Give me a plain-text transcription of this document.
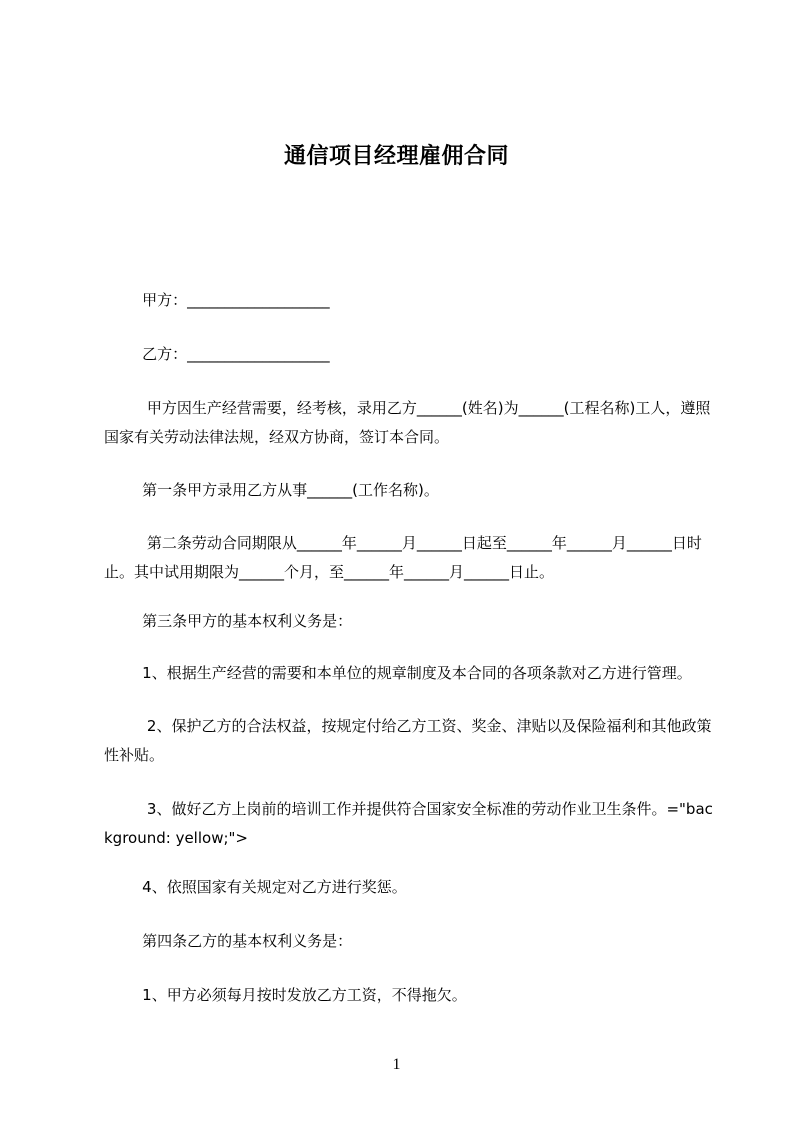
通信项目经理雇佣合同
甲方：___________________
乙方：___________________
甲方因生产经营需要，经考核，录用乙方______(姓名)为______(工程名称)工人，遵照国家有关劳动法律法规，经双方协商，签订本合同。
第一条甲方录用乙方从事______(工作名称)。
第二条劳动合同期限从______年______月______日起至______年______月______日时止。其中试用期限为______个月，至______年______月______日止。
第三条甲方的基本权利义务是：
1、根据生产经营的需要和本单位的规章制度及本合同的各项条款对乙方进行管理。
2、保护乙方的合法权益，按规定付给乙方工资、奖金、津贴以及保险福利和其他政策性补贴。
3、做好乙方上岗前的培训工作并提供符合国家安全标准的劳动作业卫生条件。="background: yellow;">
4、依照国家有关规定对乙方进行奖惩。
第四条乙方的基本权利义务是：
1、甲方必须每月按时发放乙方工资，不得拖欠。
1
